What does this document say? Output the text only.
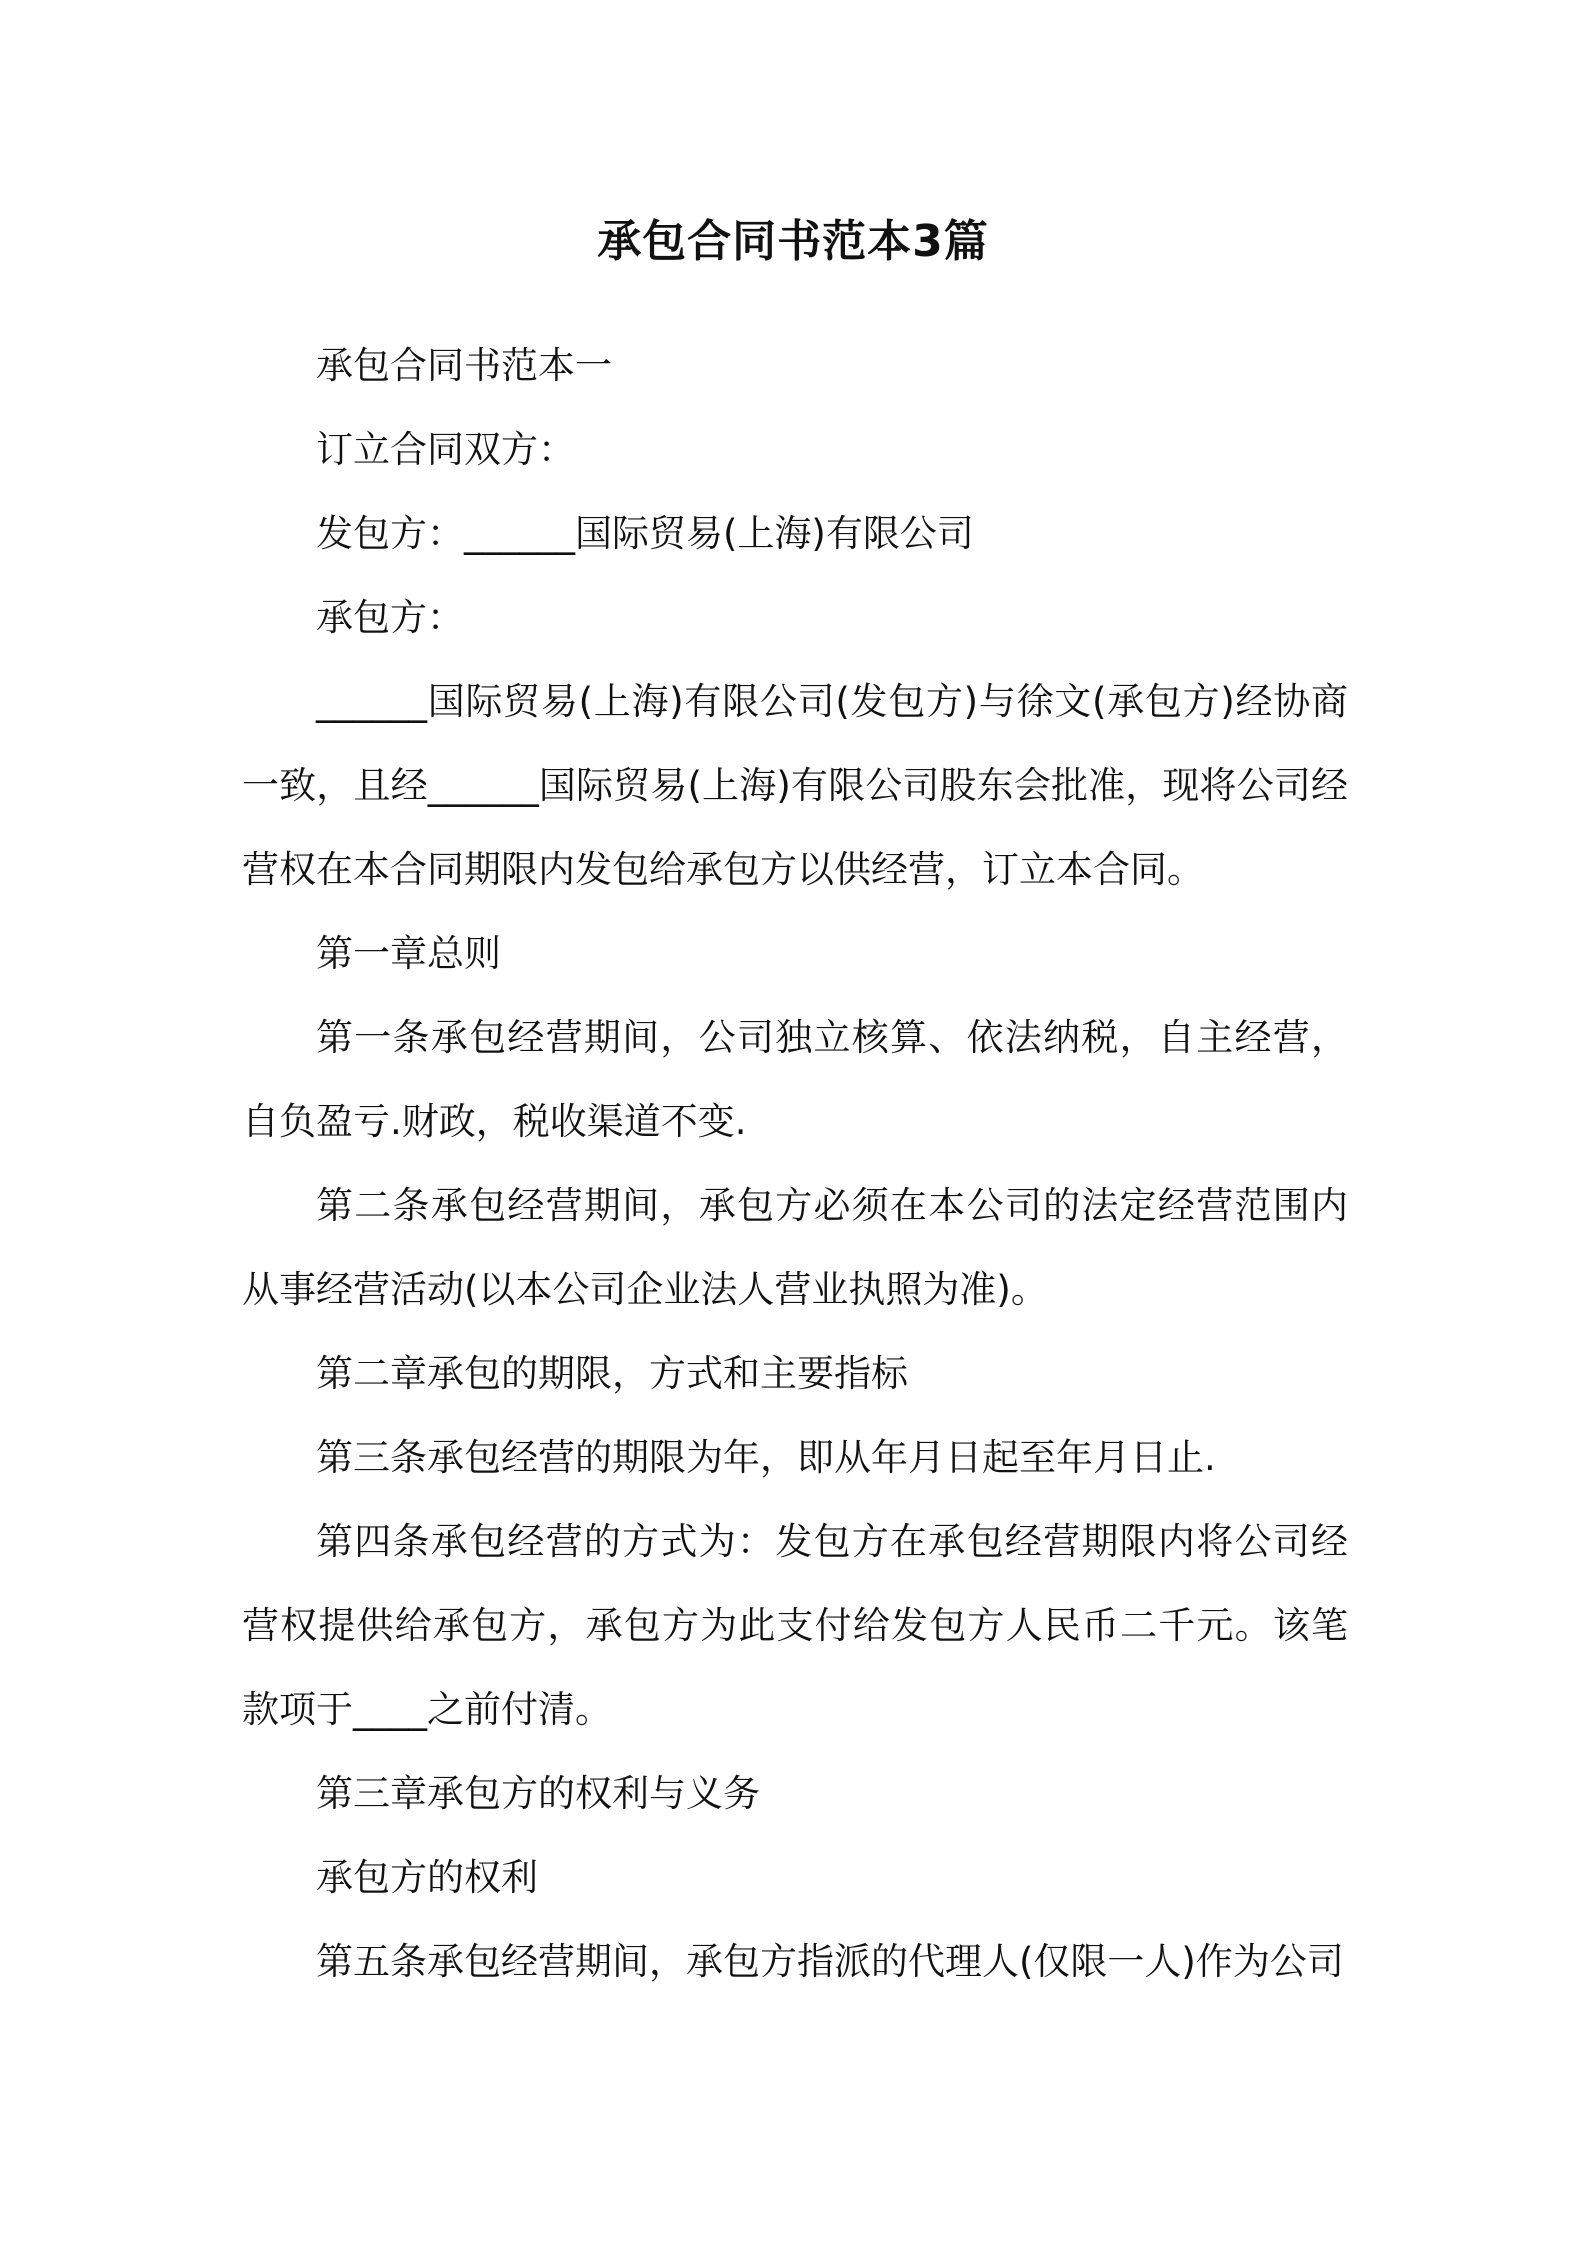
承包合同书范本3篇

承包合同书范本一

订立合同双方：

发包方：______国际贸易(上海)有限公司

承包方：

______国际贸易(上海)有限公司(发包方)与徐文(承包方)经协商一致，且经______国际贸易(上海)有限公司股东会批准，现将公司经营权在本合同期限内发包给承包方以供经营，订立本合同。

第一章总则

第一条承包经营期间，公司独立核算、依法纳税，自主经营，自负盈亏.财政，税收渠道不变.

第二条承包经营期间，承包方必须在本公司的法定经营范围内从事经营活动(以本公司企业法人营业执照为准)。

第二章承包的期限，方式和主要指标

第三条承包经营的期限为年，即从年月日起至年月日止.

第四条承包经营的方式为：发包方在承包经营期限内将公司经营权提供给承包方，承包方为此支付给发包方人民币二千元。该笔款项于____之前付清。

第三章承包方的权利与义务

承包方的权利

第五条承包经营期间，承包方指派的代理人(仅限一人)作为公司
